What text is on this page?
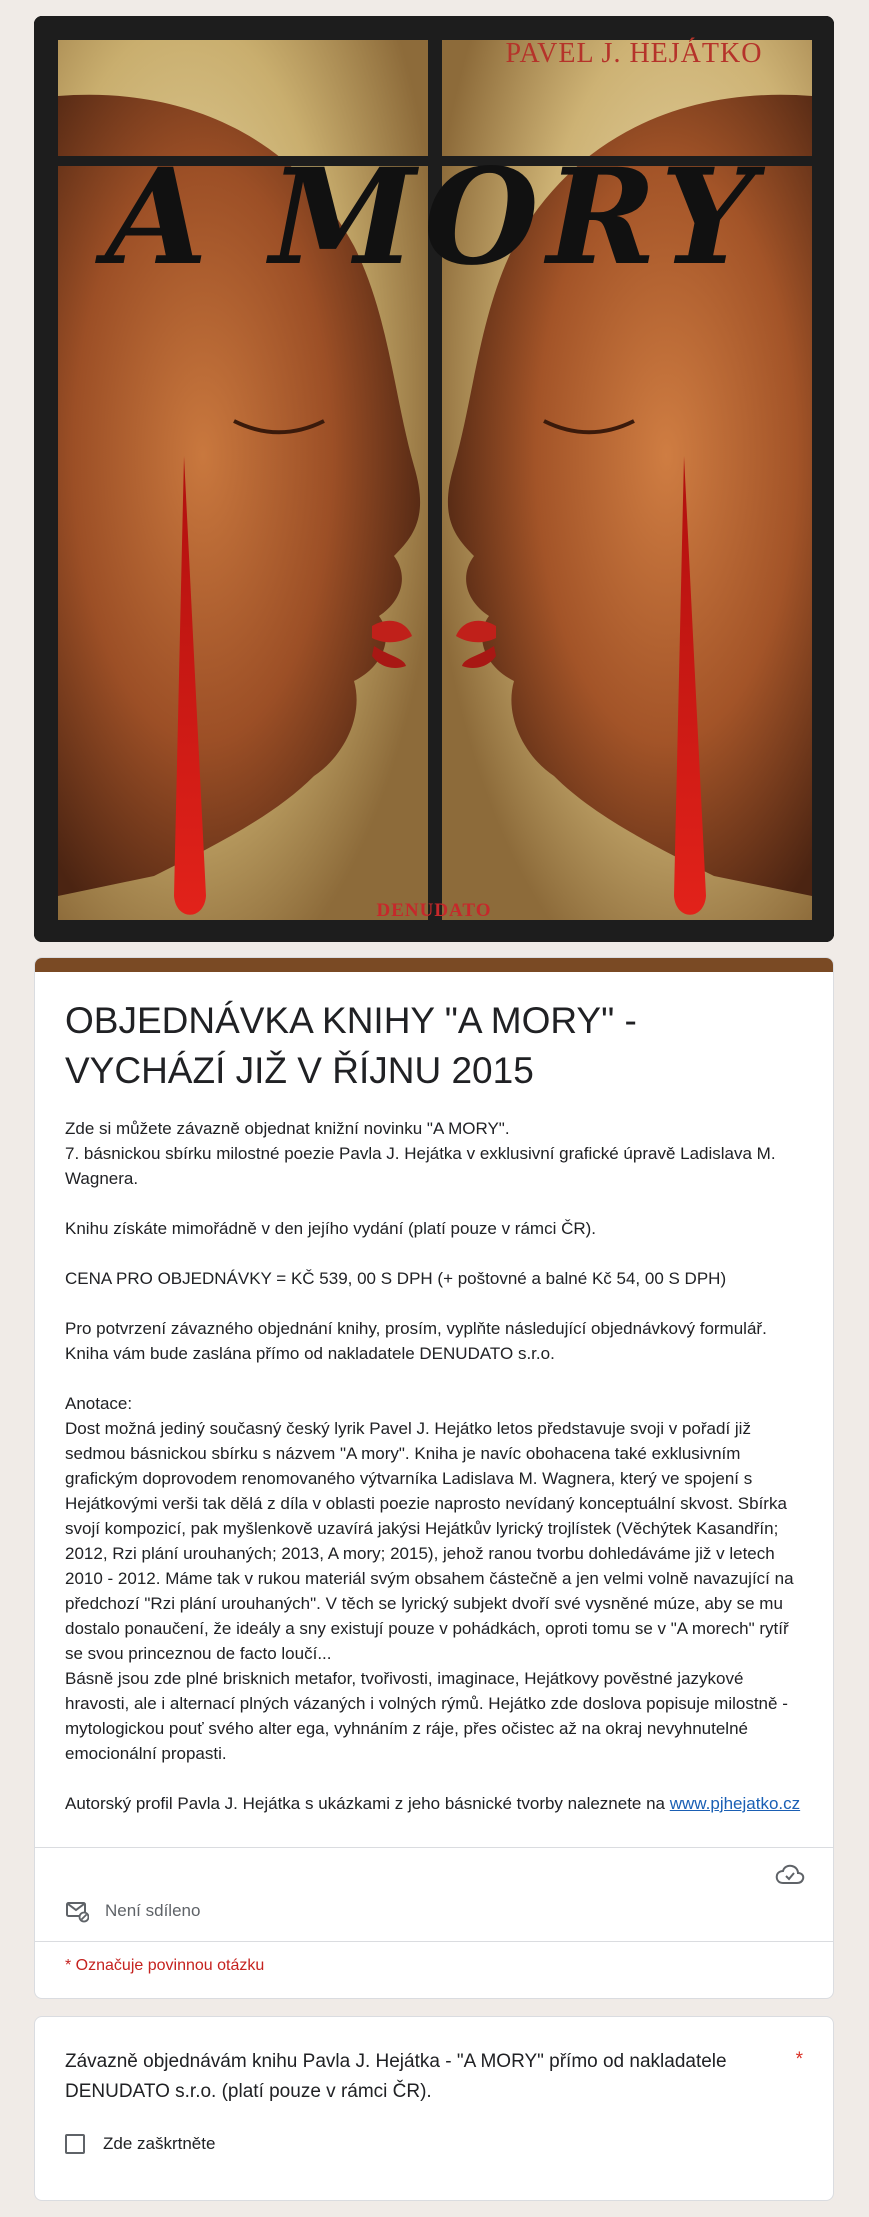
PAVEL J. HEJÁTKO
A MORY
DENUDATO
OBJEDNÁVKA KNIHY "A MORY" - VYCHÁZÍ JIŽ V ŘÍJNU 2015
Zde si můžete závazně objednat knižní novinku "A MORY".
7. básnickou sbírku milostné poezie Pavla J. Hejátka v exklusivní grafické úpravě Ladislava M. Wagnera.

Knihu získáte mimořádně v den jejího vydání (platí pouze v rámci ČR).

CENA PRO OBJEDNÁVKY = KČ 539, 00 S DPH (+ poštovné a balné Kč 54, 00 S DPH)

Pro potvrzení závazného objednání knihy, prosím, vyplňte následující objednávkový formulář. Kniha vám bude zaslána přímo od nakladatele DENUDATO s.r.o.

Anotace:
Dost možná jediný současný český lyrik Pavel J. Hejátko letos představuje svoji v pořadí již sedmou básnickou sbírku s názvem "A mory". Kniha je navíc obohacena také exklusivním grafickým doprovodem renomovaného výtvarníka Ladislava M. Wagnera, který ve spojení s Hejátkovými verši tak dělá z díla v oblasti poezie naprosto nevídaný konceptuální skvost. Sbírka svojí kompozicí, pak myšlenkově uzavírá jakýsi Hejátkův lyrický trojlístek (Věchýtek Kasandřín; 2012, Rzi plání urouhaných; 2013, A mory; 2015), jehož ranou tvorbu dohledáváme již v letech 2010 - 2012. Máme tak v rukou materiál svým obsahem částečně a jen velmi volně navazující na předchozí "Rzi plání urouhaných". V těch se lyrický subjekt dvoří své vysněné múze, aby se mu dostalo ponaučení, že ideály a sny existují pouze v pohádkách, oproti tomu se v "A morech" rytíř se svou princeznou de facto loučí...
Básně jsou zde plné brisknich metafor, tvořivosti, imaginace, Hejátkovy pověstné jazykové hravosti, ale i alternací plných vázaných i volných rýmů. Hejátko zde doslova popisuje milostně - mytologickou pouť svého alter ega, vyhnáním z ráje, přes očistec až na okraj nevyhnutelné emocionální propasti.

Autorský profil Pavla J. Hejátka s ukázkami z jeho básnické tvorby naleznete na www.pjhejatko.cz
Není sdíleno
* Označuje povinnou otázku
Závazně objednávám knihu Pavla J. Hejátka - "A MORY" přímo od nakladatele DENUDATO s.r.o. (platí pouze v rámci ČR).
*
Zde zaškrtněte
